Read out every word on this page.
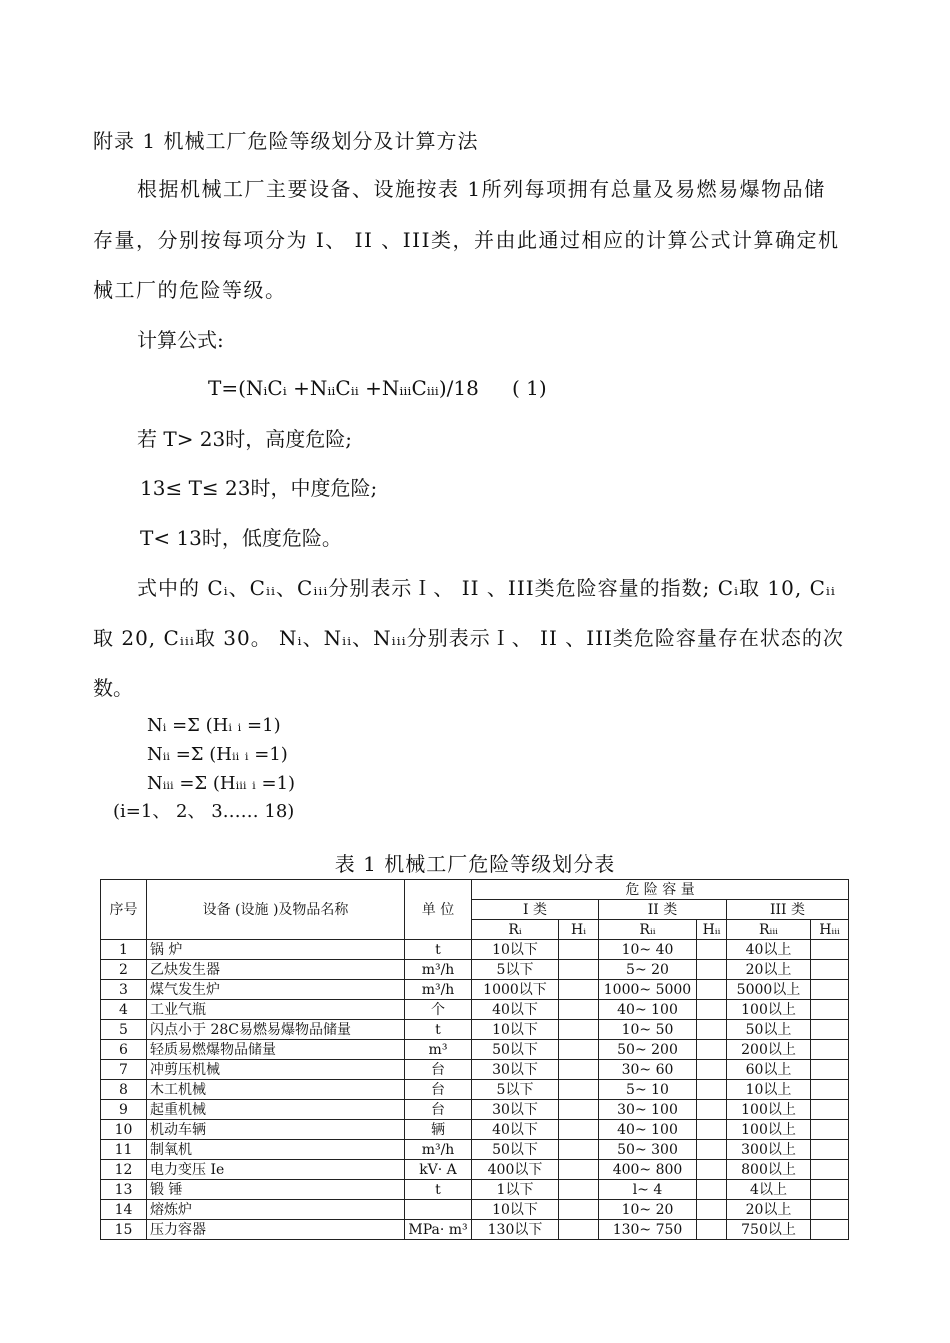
附录 1 机械工厂危险等级划分及计算方法
根据机械工厂主要设备、设施按表 1所列每项拥有总量及易燃易爆物品储
存量，分别按每项分为 I、 II 、III类，并由此通过相应的计算公式计算确定机
械工厂的危险等级。
计算公式:
T=(NᵢCᵢ +NᵢᵢCᵢᵢ +NᵢᵢᵢCᵢᵢᵢ)/18 ( 1)
若 T> 23时，高度危险;
13≤ T≤ 23时，中度危险;
T< 13时，低度危险。
式中的 Cᵢ、Cᵢᵢ、Cᵢᵢᵢ分别表示Ｉ、 II 、III类危险容量的指数; Cᵢ取 10, Cᵢᵢ
取 20, Cᵢᵢᵢ取 30。 Nᵢ、Nᵢᵢ、Nᵢᵢᵢ分别表示Ｉ、 II 、III类危险容量存在状态的次
数。
Nᵢ =Σ (Hᵢ ᵢ =1)
Nᵢᵢ =Σ (Hᵢᵢ ᵢ =1)
Nᵢᵢᵢ =Σ (Hᵢᵢᵢ ᵢ =1)
(i=1、 2、 3…… 18)
表 1 机械工厂危险等级划分表
序号	设备 (设施 )及物品名称	单 位	危 险 容 量					
			I 类		II 类		III 类	
			Rᵢ	Hᵢ	Rᵢᵢ	Hᵢᵢ	Rᵢᵢᵢ	Hᵢᵢᵢ
1	锅 炉	t	10以下		10~ 40		40以上	
2	乙炔发生器	m³/h	5以下		5~ 20		20以上	
3	煤气发生炉	m³/h	1000以下		1000~ 5000		5000以上	
4	工业气瓶	个	40以下		40~ 100		100以上	
5	闪点小于 28C易燃易爆物品储量	t	10以下		10~ 50		50以上	
6	轻质易燃爆物品储量	m³	50以下		50~ 200		200以上	
7	冲剪压机械	台	30以下		30~ 60		60以上	
8	木工机械	台	5以下		5~ 10		10以上	
9	起重机械	台	30以下		30~ 100		100以上	
10	机动车辆	辆	40以下		40~ 100		100以上	
11	制氧机	m³/h	50以下		50~ 300		300以上	
12	电力变压 Ie	kV· A	400以下		400~ 800		800以上	
13	锻 锤	t	1以下		l~ 4		4以上	
14	熔炼炉		10以下		10~ 20		20以上	
15	压力容器	MPa· m³	130以下		130~ 750		750以上	
